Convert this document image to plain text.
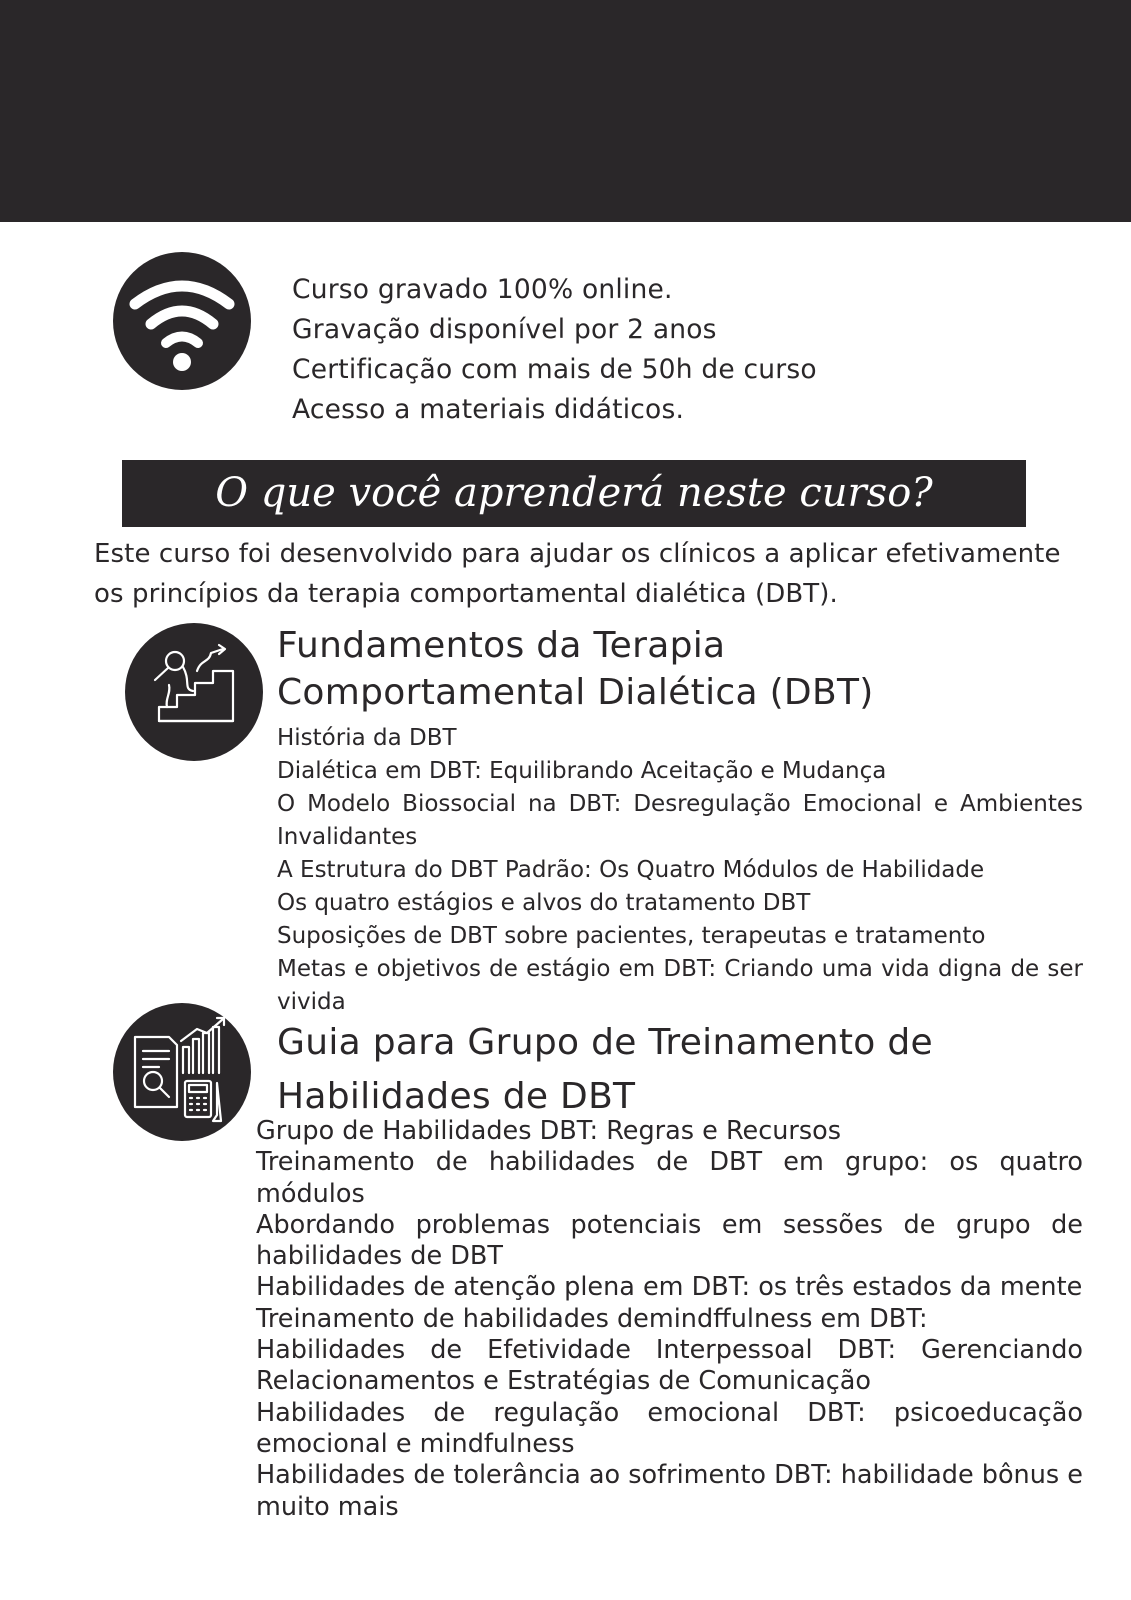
Curso gravado 100% online.
Gravação disponível por 2 anos
Certificação com mais de 50h de curso
Acesso a materiais didáticos.
O que você aprenderá neste curso?

Este curso foi desenvolvido para ajudar os clínicos a aplicar efetivamente
os princípios da terapia comportamental dialética (DBT).

Fundamentos da Terapia
Comportamental Dialética (DBT)
História da DBT
Dialética em DBT: Equilibrando Aceitação e Mudança
O Modelo Biossocial na DBT: Desregulação Emocional e Ambientes Invalidantes
A Estrutura do DBT Padrão: Os Quatro Módulos de Habilidade
Os quatro estágios e alvos do tratamento DBT
Suposições de DBT sobre pacientes, terapeutas e tratamento
Metas e objetivos de estágio em DBT: Criando uma vida digna de ser vivida
Guia para Grupo de Treinamento de
Habilidades de DBT
Grupo de Habilidades DBT: Regras e Recursos
Treinamento de habilidades de DBT em grupo: os quatro módulos
Abordando problemas potenciais em sessões de grupo de habilidades de DBT
Habilidades de atenção plena em DBT: os três estados da mente
Treinamento de habilidades demindffulness em DBT:
Habilidades de Efetividade Interpessoal DBT: Gerenciando Relacionamentos e Estratégias de Comunicação
Habilidades de regulação emocional DBT: psicoeducação emocional e mindfulness
Habilidades de tolerância ao sofrimento DBT: habilidade bônus e muito mais
